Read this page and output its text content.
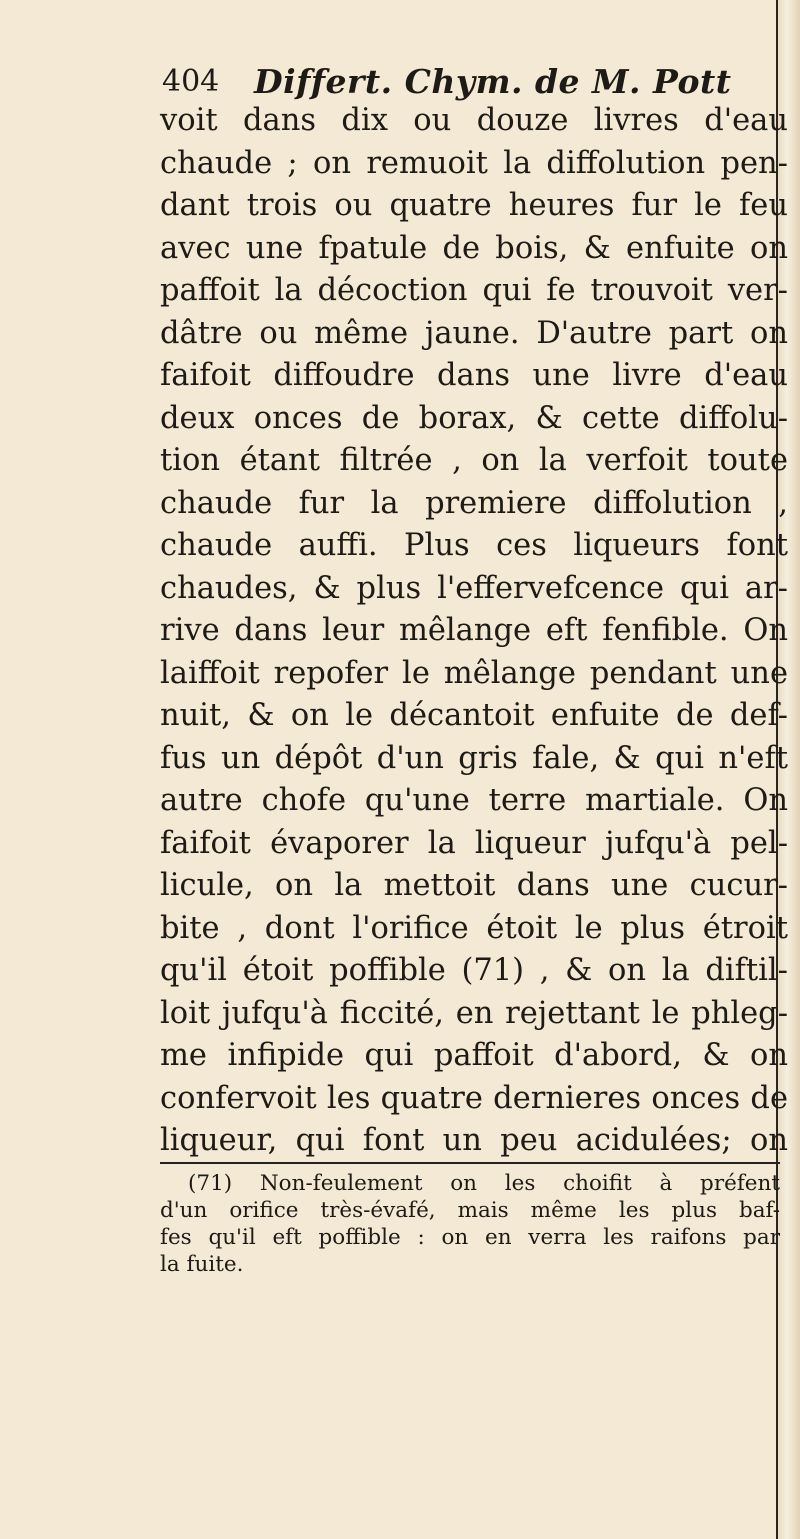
404 Differt. Chym. de M. Pott
voit dans dix ou douze livres d'eau
chaude ; on remuoit la diffolution pen-
dant trois ou quatre heures fur le feu
avec une fpatule de bois, & enfuite on
paffoit la décoction qui fe trouvoit ver-
dâtre ou même jaune. D'autre part on
faifoit diffoudre dans une livre d'eau
deux onces de borax, & cette diffolu-
tion étant filtrée , on la verfoit toute
chaude fur la premiere diffolution ,
chaude auffi. Plus ces liqueurs font
chaudes, & plus l'effervefcence qui ar-
rive dans leur mêlange eft fenfible. On
laiffoit repofer le mêlange pendant une
nuit, & on le décantoit enfuite de def-
fus un dépôt d'un gris fale, & qui n'eft
autre chofe qu'une terre martiale. On
faifoit évaporer la liqueur jufqu'à pel-
licule, on la mettoit dans une cucur-
bite , dont l'orifice étoit le plus étroit
qu'il étoit poffible (71) , & on la diftil-
loit jufqu'à ficcité, en rejettant le phleg-
me infipide qui paffoit d'abord, & on
confervoit les quatre dernieres onces de
liqueur, qui font un peu acidulées; on
(71) Non-feulement on les choifit à préfent
d'un orifice très-évafé, mais même les plus baf-
fes qu'il eft poffible : on en verra les raifons par
la fuite.
